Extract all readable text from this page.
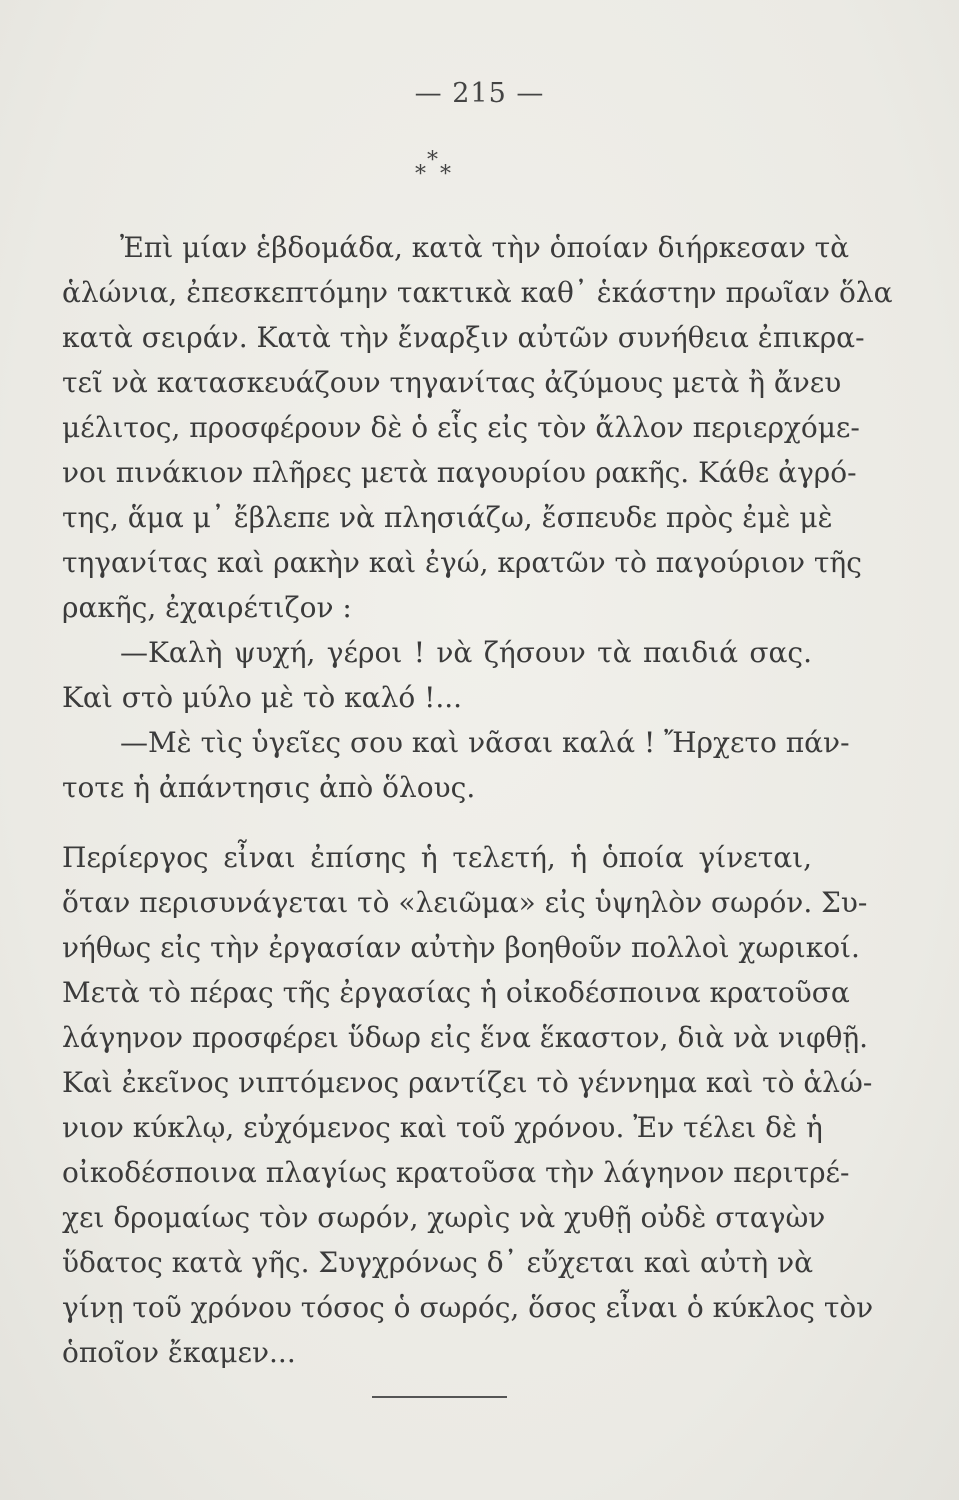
— 215 —
*
* *
Ἐπὶ μίαν ἑβδομάδα, κατὰ τὴν ὁποίαν διήρκεσαν τὰ
ἁλώνια, ἐπεσκεπτόμην τακτικὰ καθ᾽ ἑκάστην πρωῖαν ὅλα
κατὰ σειράν. Κατὰ τὴν ἔναρξιν αὐτῶν συνήθεια ἐπικρα-
τεῖ νὰ κατασκευάζουν τηγανίτας ἀζύμους μετὰ ἢ ἄνευ
μέλιτος, προσφέρουν δὲ ὁ εἷς εἰς τὸν ἄλλον περιερχόμε-
νοι πινάκιον πλῆρες μετὰ παγουρίου ρακῆς. Κάθε ἀγρό-
της, ἅμα μ᾽ ἔβλεπε νὰ πλησιάζω, ἔσπευδε πρὸς ἐμὲ μὲ
τηγανίτας καὶ ρακὴν καὶ ἐγώ, κρατῶν τὸ παγούριον τῆς
ρακῆς, ἐχαιρέτιζον :
—Καλὴ ψυχή, γέροι ! νὰ ζήσουν τὰ παιδιά σας.
Καὶ στὸ μύλο μὲ τὸ καλό !...
—Μὲ τὶς ὑγεῖες σου καὶ νᾶσαι καλά ! Ἤρχετο πάν-
τοτε ἡ ἀπάντησις ἀπὸ ὅλους.
Περίεργος εἶναι ἐπίσης ἡ τελετή, ἡ ὁποία γίνεται,
ὅταν περισυνάγεται τὸ «λειῶμα» εἰς ὑψηλὸν σωρόν. Συ-
νήθως εἰς τὴν ἐργασίαν αὐτὴν βοηθοῦν πολλοὶ χωρικοί.
Μετὰ τὸ πέρας τῆς ἐργασίας ἡ οἰκοδέσποινα κρατοῦσα
λάγηνον προσφέρει ὕδωρ εἰς ἕνα ἕκαστον, διὰ νὰ νιφθῇ.
Καὶ ἐκεῖνος νιπτόμενος ραντίζει τὸ γέννημα καὶ τὸ ἁλώ-
νιον κύκλῳ, εὐχόμενος καὶ τοῦ χρόνου. Ἐν τέλει δὲ ἡ
οἰκοδέσποινα πλαγίως κρατοῦσα τὴν λάγηνον περιτρέ-
χει δρομαίως τὸν σωρόν, χωρὶς νὰ χυθῇ οὐδὲ σταγὼν
ὕδατος κατὰ γῆς. Συγχρόνως δ᾽ εὔχεται καὶ αὐτὴ νὰ
γίνῃ τοῦ χρόνου τόσος ὁ σωρός, ὅσος εἶναι ὁ κύκλος τὸν
ὁποῖον ἔκαμεν...
